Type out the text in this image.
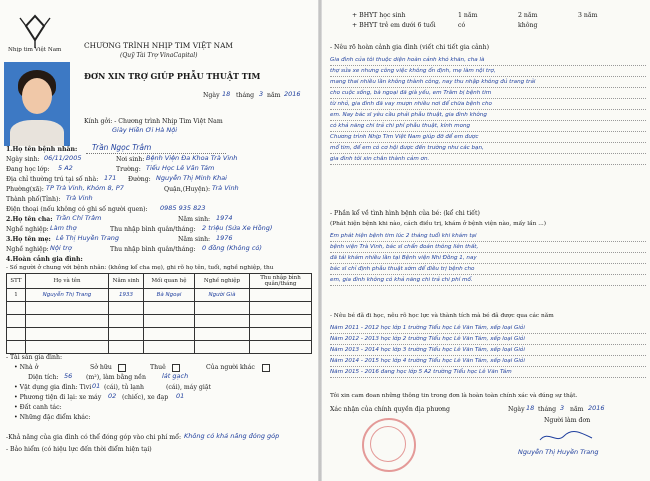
Nhịp tim Việt Nam	CHƯƠNG TRÌNH NHỊP TIM VIỆT NAM
(Quỹ Tài Trợ VinaCapital)
ĐƠN XIN TRỢ GIÚP PHẪU THUẬT TIM
Ngày 18 tháng 3 năm 2016
Kính gởi: - Chương trình Nhịp Tim Việt Nam
Giày Hiền Ơi Hà Nội
1.Họ tên bệnh nhân: Trần Ngọc Trâm
Ngày sinh: 06/11/2005	Nơi sinh: Bệnh Viện Đa Khoa Trà Vinh
Đang học lớp: 5 A2	Trường: Tiểu Học Lê Văn Tám
Địa chỉ thường trú tại số nhà: 171 Đường: Nguyễn Thị Minh Khai
Phường(xã): TP Trà Vinh, Khóm 8, P7	Quận,(Huyện): Trà Vinh
Thành phố(Tỉnh): Trà Vinh
Điện thoại (nếu không có ghi số người quen): 0985 935 823
2.Họ tên cha: Trần Chí Trâm	Năm sinh: 1974
Nghề nghiệp: Làm thợ	Thu nhập bình quân/tháng: 2 triệu (Sửa Xe Hồng)
3.Họ tên mẹ: Lê Thị Huyền Trang	Năm sinh: 1976
Nghề nghiệp: Nội trợ	Thu nhập bình quân/tháng: 0 đồng (Không có)
4.Hoàn cảnh gia đình:
- Số người ở chung với bệnh nhân: (không kể cha mẹ), ghi rõ họ tên, tuổi, nghề nghiệp, thu
STT	Họ và tên	Năm sinh	Mối quan hệ	Nghề nghiệp	Thu nhập bình quân/tháng
1	Nguyễn Thị Trang	1933	Bà Ngoại	Người Già	

- Tài sản gia đình:
• Nhà ở	Sở hữu	Thuê	Của người khác
Diện tích: 56 (m²), làm bằng nền lát gạch
• Vật dụng gia đình: Tivi 01 (cái), tủ lạnh	(cái), máy giặt
• Phương tiện đi lại: xe máy 02 (chiếc), xe đạp 01
• Đất canh tác:
• Những đặc điểm khác:
-Khả năng của gia đình có thể đóng góp vào chi phí mổ: Không có khả năng đóng góp
- Bảo hiểm (có hiệu lực đến thời điểm hiện tại)
+ BHYT học sinh
+ BHYT trẻ em dưới 6 tuổi
1 năm	2 năm	3 năm
có	không
- Nêu rõ hoàn cảnh gia đình (viết chi tiết gia cảnh)
Gia đình của tôi thuộc diện hoàn cảnh khó khăn, cha là
thợ sửa xe nhưng công việc không ổn định, mẹ làm nội trợ,
mang thai nhiều lần không thành công, nay thu nhập không đủ trang trải
cho cuộc sống, bà ngoại đã già yếu, em Trâm bị bệnh tim
từ nhỏ, gia đình đã vay mượn nhiều nơi để chữa bệnh cho
em. Nay bác sĩ yêu cầu phải phẫu thuật, gia đình không
có khả năng chi trả chi phí phẫu thuật, kính mong
Chương trình Nhịp Tim Việt Nam giúp đỡ để em được
mổ tim, để em có cơ hội được đến trường như các bạn,
gia đình tôi xin chân thành cảm ơn.
- Phần kể về tình hình bệnh của bé: (kể chi tiết)
(Phát hiện bệnh khi nào, cách điều trị, khám ở bệnh viện nào, mấy lần ...)
Em phát hiện bệnh tim lúc 2 tháng tuổi khi khám tại
bệnh viện Trà Vinh, bác sĩ chẩn đoán thông liên thất,
đã tái khám nhiều lần tại Bệnh viện Nhi Đồng 1, nay
bác sĩ chỉ định phẫu thuật sớm để điều trị bệnh cho
em, gia đình không có khả năng chi trả chi phí mổ.
- Nêu bé đã đi học, nêu rõ học lực và thành tích mà bé đã được qua các năm
Năm 2011 - 2012 học lớp 1 trường Tiểu học Lê Văn Tám, xếp loại Giỏi
Năm 2012 - 2013 học lớp 2 trường Tiểu học Lê Văn Tám, xếp loại Giỏi
Năm 2013 - 2014 học lớp 3 trường Tiểu học Lê Văn Tám, xếp loại Giỏi
Năm 2014 - 2015 học lớp 4 trường Tiểu học Lê Văn Tám, xếp loại Giỏi
Năm 2015 - 2016 đang học lớp 5 A2 trường Tiểu học Lê Văn Tám
Tôi xin cam đoan những thông tin trong đơn là hoàn toàn chính xác và đúng sự thật.
Xác nhận của chính quyền địa phương	Ngày 18 tháng 3 năm 2016
Người làm đơn
Nguyễn Thị Huyền Trang
